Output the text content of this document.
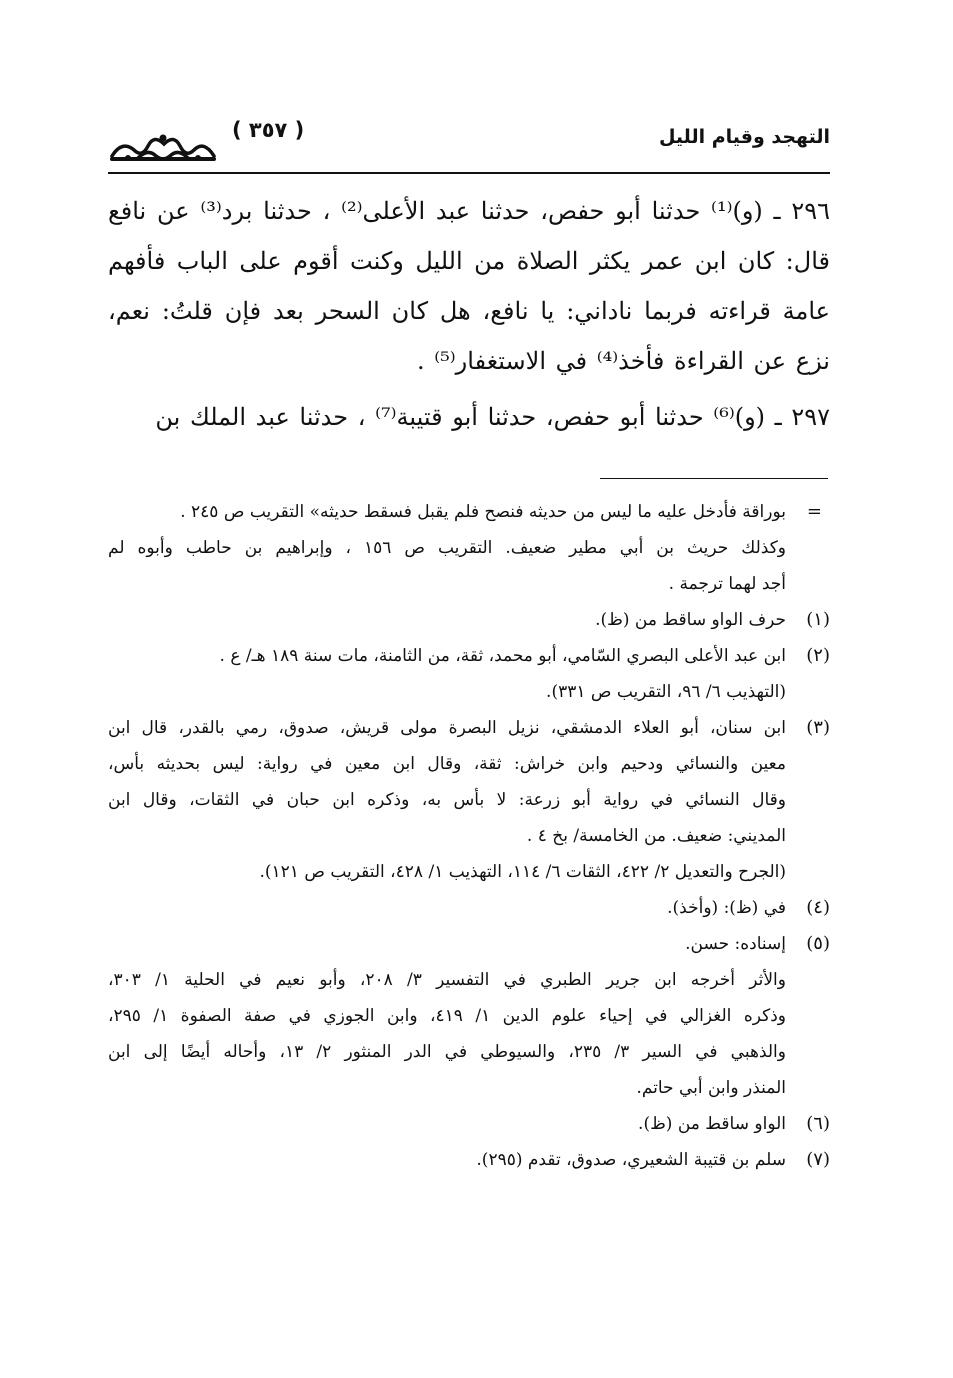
التهجد وقيام الليل
( ٣٥٧ )

٢٩٦ ـ (و)⁽¹⁾ حدثنا أبو حفص، حدثنا عبد الأعلى⁽²⁾ ، حدثنا برد⁽³⁾ عن نافع قال: كان ابن عمر يكثر الصلاة من الليل وكنت أقوم على الباب فأفهم عامة قراءته فربما ناداني: يا نافع، هل كان السحر بعد فإن قلتُ: نعم، نزع عن القراءة فأخذ⁽⁴⁾ في الاستغفار⁽⁵⁾ .

٢٩٧ ـ (و)⁽⁶⁾ حدثنا أبو حفص، حدثنا أبو قتيبة⁽⁷⁾ ، حدثنا عبد الملك بن

=

بوراقة فأدخل عليه ما ليس من حديثه فنصح فلم يقبل فسقط حديثه» التقريب ص ٢٤٥ .

وكذلك حريث بن أبي مطير ضعيف. التقريب ص ١٥٦ ، وإبراهيم بن حاطب وأبوه لم

أجد لهما ترجمة .

(١)

حرف الواو ساقط من (ظ).

(٢)

ابن عبد الأعلى البصري السّامي، أبو محمد، ثقة، من الثامنة، مات سنة ١٨٩ هـ/ ع .

(التهذيب ٦/ ٩٦، التقريب ص ٣٣١).

(٣)

ابن سنان، أبو العلاء الدمشقي، نزيل البصرة مولى قريش، صدوق، رمي بالقدر، قال ابن

معين والنسائي ودحيم وابن خراش: ثقة، وقال ابن معين في رواية: ليس بحديثه بأس،

وقال النسائي في رواية أبو زرعة: لا بأس به، وذكره ابن حبان في الثقات، وقال ابن

المديني: ضعيف. من الخامسة/ بخ ٤ .

(الجرح والتعديل ٢/ ٤٢٢، الثقات ٦/ ١١٤، التهذيب ١/ ٤٢٨، التقريب ص ١٢١).

(٤)

في (ظ): (وأخذ).

(٥)

إسناده: حسن.

والأثر أخرجه ابن جرير الطبري في التفسير ٣/ ٢٠٨، وأبو نعيم في الحلية ١/ ٣٠٣،

وذكره الغزالي في إحياء علوم الدين ١/ ٤١٩، وابن الجوزي في صفة الصفوة ١/ ٢٩٥،

والذهبي في السير ٣/ ٢٣٥، والسيوطي في الدر المنثور ٢/ ١٣، وأحاله أيضًا إلى ابن

المنذر وابن أبي حاتم.

(٦)

الواو ساقط من (ظ).

(٧)

سلم بن قتيبة الشعيري، صدوق، تقدم (٢٩٥).
